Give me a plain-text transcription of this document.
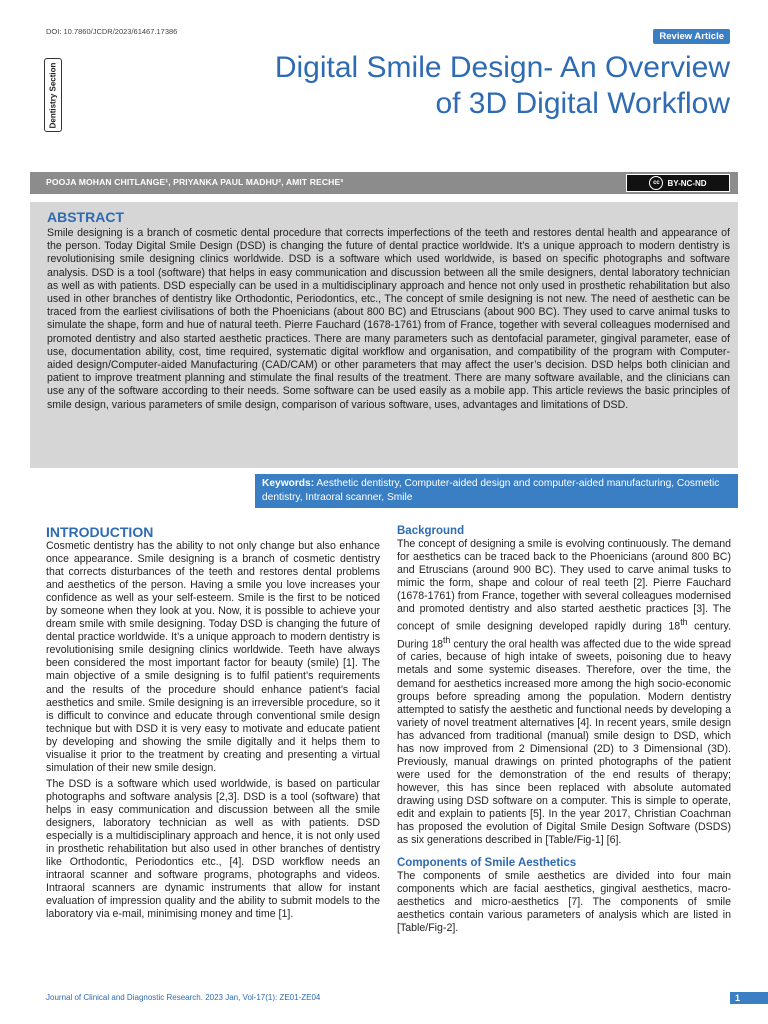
DOI: 10.7860/JCDR/2023/61467.17386	Review Article
Dentistry Section	Digital Smile Design- An Overview
of 3D Digital Workflow
POOJA MOHAN CHITLANGE¹, PRIYANKA PAUL MADHU², AMIT RECHE³	cc BY-NC-ND
ABSTRACT

Smile designing is a branch of cosmetic dental procedure that corrects imperfections of the teeth and restores dental health and appearance of the person. Today Digital Smile Design (DSD) is changing the future of dental practice worldwide. It’s a unique approach to modern dentistry is revolutionising smile designing clinics worldwide. DSD is a software which used worldwide, is based on specific photographs and software analysis. DSD is a tool (software) that helps in easy communication and discussion between all the smile designers, dental laboratory technician as well as with patients. DSD especially can be used in a multidisciplinary approach and hence not only used in prosthetic rehabilitation but also used in other branches of dentistry like Orthodontic, Periodontics, etc., The concept of smile designing is not new. The need of aesthetic can be traced from the earliest civilisations of both the Phoenicians (about 800 BC) and Etruscians (about 900 BC). They used to carve animal tusks to simulate the shape, form and hue of natural teeth. Pierre Fauchard (1678-1761) from of France, together with several colleagues modernised and promoted dentistry and also started aesthetic practices. There are many parameters such as dentofacial parameter, gingival parameter, ease of use, documentation ability, cost, time required, systematic digital workflow and organisation, and compatibility of the program with Computer-aided design/Computer-aided Manufacturing (CAD/CAM) or other parameters that may affect the user’s decision. DSD helps both clinician and patient to improve treatment planning and stimulate the final results of the treatment. There are many software available, and the clinicians can use any of the software according to their needs. Some software can be used easily as a mobile app. This article reviews the basic principles of smile design, various parameters of smile design, comparison of various software, uses, advantages and limitations of DSD.

Keywords: Aesthetic dentistry, Computer-aided design and computer-aided manufacturing, Cosmetic dentistry, Intraoral scanner, Smile

INTRODUCTION

Cosmetic dentistry has the ability to not only change but also enhance once appearance. Smile designing is a branch of cosmetic dentistry that corrects disturbances of the teeth and restores dental problems and aesthetics of the person. Having a smile you love increases your confidence as well as your self-esteem. Smile is the first to be noticed by someone when they look at you. Now, it is possible to achieve your dream smile with smile designing. Today DSD is changing the future of dental practice worldwide. It’s a unique approach to modern dentistry is revolutionising smile designing clinics worldwide. Teeth have always been considered the most important factor for beauty (smile) [1]. The main objective of a smile designing is to fulfil patient’s requirements and the results of the procedure should enhance patient’s facial aesthetics and smile. Smile designing is an irreversible procedure, so it is difficult to convince and educate through conventional smile design technique but with DSD it is very easy to motivate and educate patient by developing and showing the smile digitally and it helps them to visualise it prior to the treatment by creating and presenting a virtual simulation of their new smile design.

The DSD is a software which used worldwide, is based on particular photographs and software analysis [2,3]. DSD is a tool (software) that helps in easy communication and discussion between all the smile designers, laboratory technician as well as with patients. DSD especially is a multidisciplinary approach and hence, it is not only used in prosthetic rehabilitation but also used in other branches of dentistry like Orthodontic, Periodontics etc., [4]. DSD workflow needs an intraoral scanner and software programs, photographs and videos. Intraoral scanners are dynamic instruments that allow for instant evaluation of impression quality and the ability to submit models to the laboratory via e-mail, minimising money and time [1].

Background

The concept of designing a smile is evolving continuously. The demand for aesthetics can be traced back to the Phoenicians (around 800 BC) and Etruscians (around 900 BC). They used to carve animal tusks to mimic the form, shape and colour of real teeth [2]. Pierre Fauchard (1678-1761) from France, together with several colleagues modernised and promoted dentistry and also started aesthetic practices [3]. The concept of smile designing developed rapidly during 18th century. During 18th century the oral health was affected due to the wide spread of caries, because of high intake of sweets, poisoning due to heavy metals and some systemic diseases. Therefore, over the time, the demand for aesthetics increased more among the high socio-economic groups before spreading among the population. Modern dentistry attempted to satisfy the aesthetic and functional needs by developing a variety of novel treatment alternatives [4]. In recent years, smile design has advanced from traditional (manual) smile design to DSD, which has now improved from 2 Dimensional (2D) to 3 Dimensional (3D). Previously, manual drawings on printed photographs of the patient were used for the demonstration of the end results of therapy; however, this has since been replaced with absolute automated drawing using DSD software on a computer. This is simple to operate, edit and explain to patients [5]. In the year 2017, Christian Coachman has proposed the evolution of Digital Smile Design Software (DSDS) as six generations described in [Table/Fig-1] [6].

Components of Smile Aesthetics

The components of smile aesthetics are divided into four main components which are facial aesthetics, gingival aesthetics, macro-aesthetics and micro-aesthetics [7]. The components of smile aesthetics contain various parameters of analysis which are listed in [Table/Fig-2].

Journal of Clinical and Diagnostic Research. 2023 Jan, Vol-17(1): ZE01-ZE04	1
